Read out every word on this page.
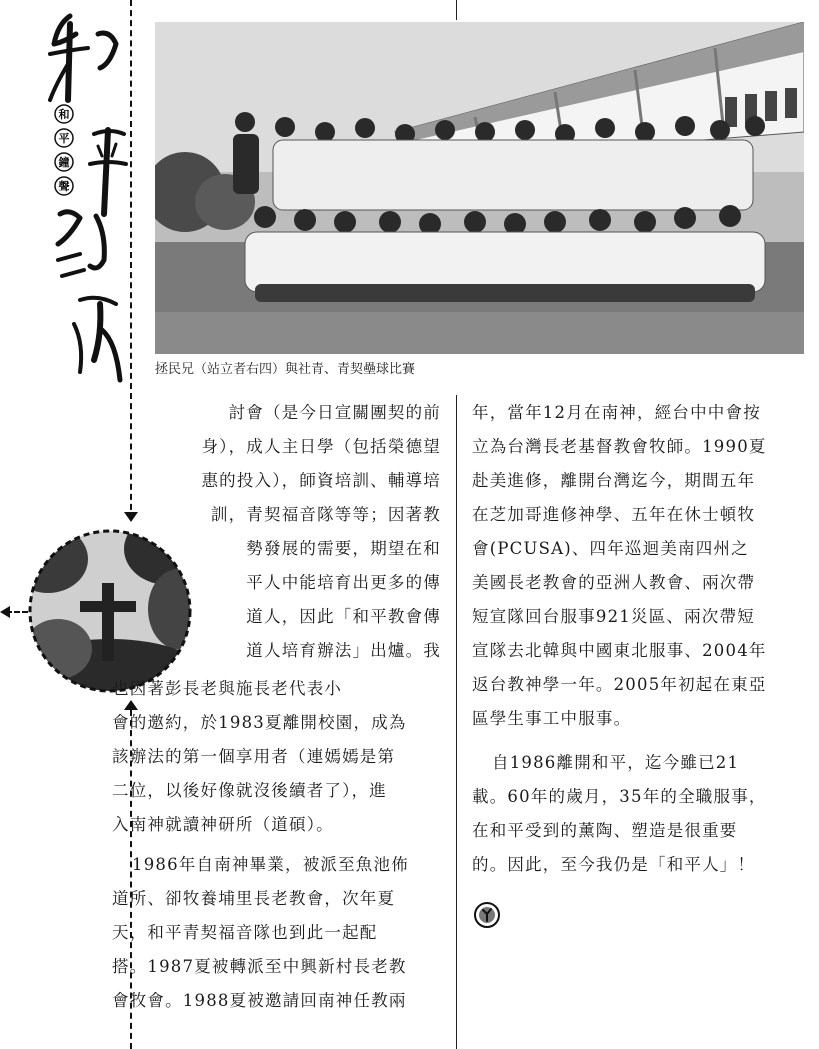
和
平
鐘
聲
拯民兄（站立者右四）與社青、青契壘球比賽
討會（是今日宣關團契的前
身），成人主日學（包括榮德望
惠的投入），師資培訓、輔導培
訓，青契福音隊等等；因著教
勢發展的需要，期望在和
平人中能培育出更多的傳
道人，因此「和平教會傳
道人培育辦法」出爐。我
也因著彭長老與施長老代表小
會的邀約，於1983夏離開校園，成為
該辦法的第一個享用者（連嫣嫣是第
二位，以後好像就沒後續者了），進
入南神就讀神研所（道碩）。
1986年自南神畢業，被派至魚池佈
道所、卻牧養埔里長老教會，次年夏
天，和平青契福音隊也到此一起配
搭。1987夏被轉派至中興新村長老教
會牧會。1988夏被邀請回南神任教兩
年，當年12月在南神，經台中中會按
立為台灣長老基督教會牧師。1990夏
赴美進修，離開台灣迄今，期間五年
在芝加哥進修神學、五年在休士頓牧
會(PCUSA)、四年巡迴美南四州之
美國長老教會的亞洲人教會、兩次帶
短宣隊回台服事921災區、兩次帶短
宣隊去北韓與中國東北服事、2004年
返台教神學一年。2005年初起在東亞
區學生事工中服事。
自1986離開和平，迄今雖已21
載。60年的歲月，35年的全職服事，
在和平受到的薰陶、塑造是很重要
的。因此，至今我仍是「和平人」！
